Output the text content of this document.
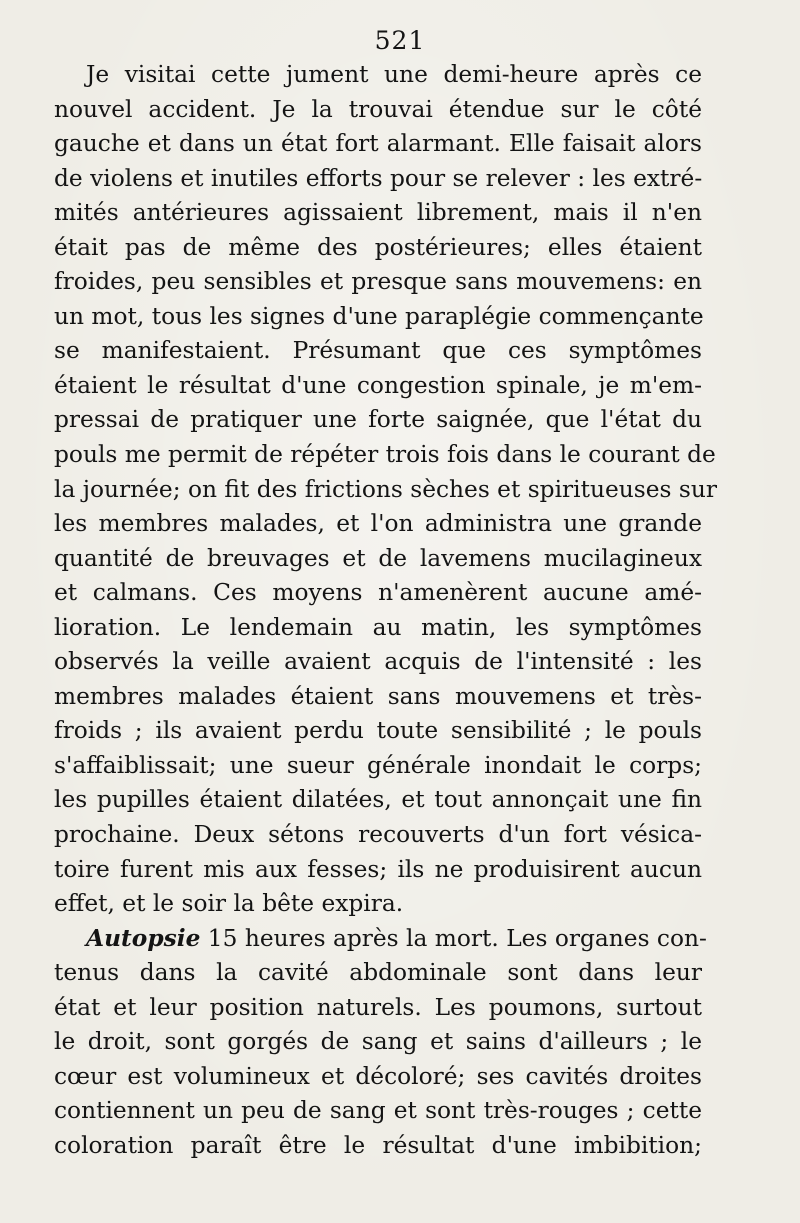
521
Je visitai cette jument une demi-heure après ce
nouvel accident. Je la trouvai étendue sur le côté
gauche et dans un état fort alarmant. Elle faisait alors
de violens et inutiles efforts pour se relever : les extré-
mités antérieures agissaient librement, mais il n'en
était pas de même des postérieures; elles étaient
froides, peu sensibles et presque sans mouvemens: en
un mot, tous les signes d'une paraplégie commençante
se manifestaient. Présumant que ces symptômes
étaient le résultat d'une congestion spinale, je m'em-
pressai de pratiquer une forte saignée, que l'état du
pouls me permit de répéter trois fois dans le courant de
la journée; on fit des frictions sèches et spiritueuses sur
les membres malades, et l'on administra une grande
quantité de breuvages et de lavemens mucilagineux
et calmans. Ces moyens n'amenèrent aucune amé-
lioration. Le lendemain au matin, les symptômes
observés la veille avaient acquis de l'intensité : les
membres malades étaient sans mouvemens et très-
froids ; ils avaient perdu toute sensibilité ; le pouls
s'affaiblissait; une sueur générale inondait le corps;
les pupilles étaient dilatées, et tout annonçait une fin
prochaine. Deux sétons recouverts d'un fort vésica-
toire furent mis aux fesses; ils ne produisirent aucun
effet, et le soir la bête expira.
Autopsie 15 heures après la mort. Les organes con-
tenus dans la cavité abdominale sont dans leur
état et leur position naturels. Les poumons, surtout
le droit, sont gorgés de sang et sains d'ailleurs ; le
cœur est volumineux et décoloré; ses cavités droites
contiennent un peu de sang et sont très-rouges ; cette
coloration paraît être le résultat d'une imbibition;
